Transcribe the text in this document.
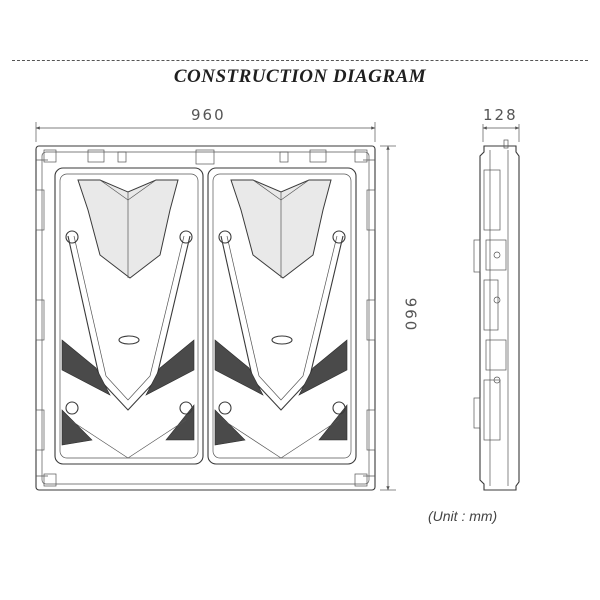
CONSTRUCTION DIAGRAM
960	128
960
(Unit : mm)
